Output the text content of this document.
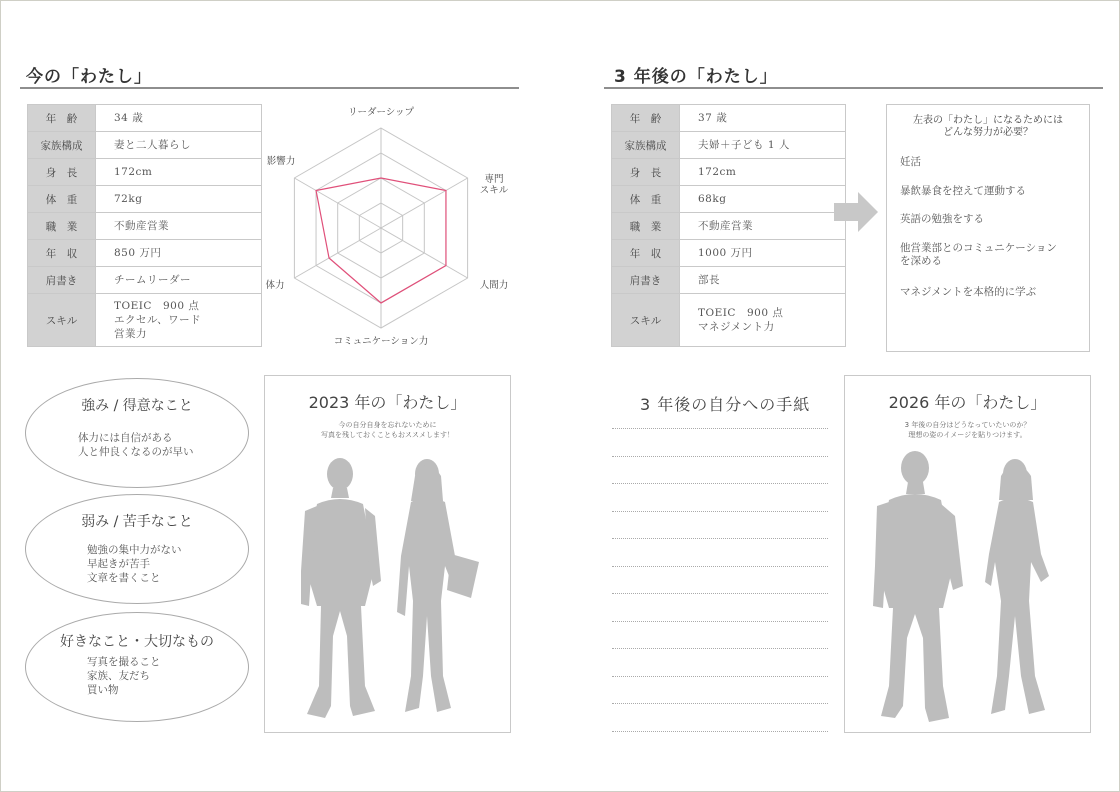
今の「わたし」
年　齢	34 歳
家族構成	妻と二人暮らし
身　長	172cm
体　重	72kg
職　業	不動産営業
年　収	850 万円
肩書き	チームリーダー
スキル	TOEIC　900 点
エクセル、ワード
営業力
リーダーシップ
専門スキル
人間力
コミュニケーション力
体力
影響力
強み / 得意なこと
体力には自信がある
人と仲良くなるのが早い
弱み / 苦手なこと
勉強の集中力がない
早起きが苦手
文章を書くこと
好きなこと・大切なもの
写真を撮ること
家族、友だち
買い物
2023 年の「わたし」
今の自分自身を忘れないために
写真を残しておくこともおススメします！
3 年後の「わたし」
年　齢	37 歳
家族構成	夫婦＋子ども 1 人
身　長	172cm
体　重	68kg
職　業	不動産営業
年　収	1000 万円
肩書き	部長
スキル	TOEIC　900 点
マネジメント力
左表の「わたし」になるためには
どんな努力が必要？
妊活
暴飲暴食を控えて運動する
英語の勉強をする
他営業部とのコミュニケーション
を深める
マネジメントを本格的に学ぶ
3 年後の自分への手紙	2026 年の「わたし」
3 年後の自分はどうなっていたいのか？
理想の姿のイメージを貼りつけます。
